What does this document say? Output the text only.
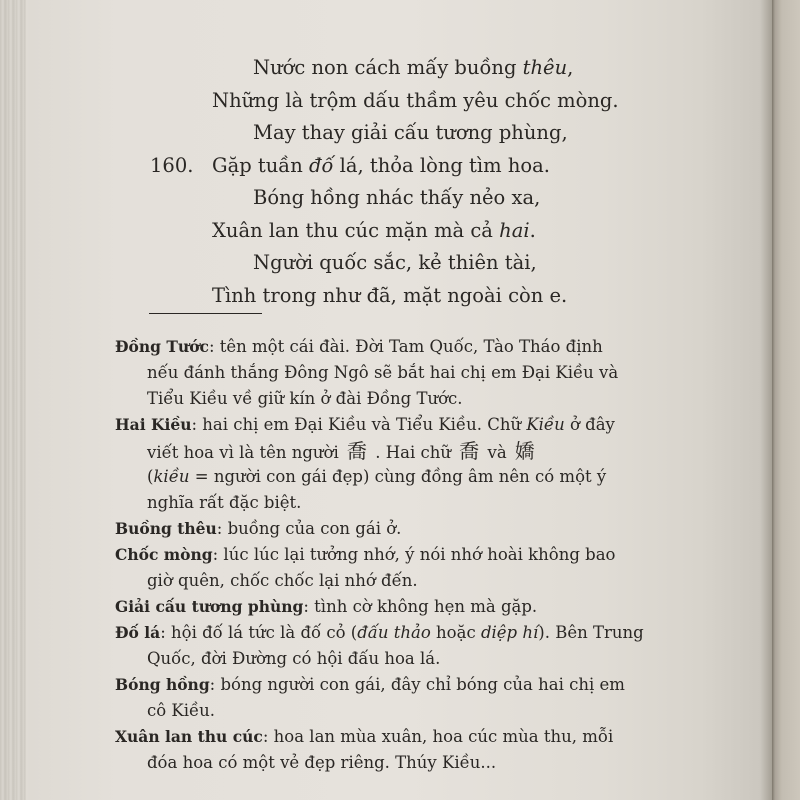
Nước non cách mấy buồng thêu,
Những là trộm dấu thầm yêu chốc mòng.
May thay giải cấu tương phùng,
160. Gặp tuần đố lá, thỏa lòng tìm hoa.
Bóng hồng nhác thấy nẻo xa,
Xuân lan thu cúc mặn mà cả hai.
Người quốc sắc, kẻ thiên tài,
Tình trong như đã, mặt ngoài còn e.
Đồng Tước: tên một cái đài. Đời Tam Quốc, Tào Tháo định
nếu đánh thắng Đông Ngô sẽ bắt hai chị em Đại Kiều và
Tiểu Kiều về giữ kín ở đài Đồng Tước.
Hai Kiều: hai chị em Đại Kiều và Tiểu Kiều. Chữ Kiều ở đây
viết hoa vì là tên người 喬 . Hai chữ 喬 và 嬌
(kiều = người con gái đẹp) cùng đồng âm nên có một ý
nghĩa rất đặc biệt.
Buồng thêu: buồng của con gái ở.
Chốc mòng: lúc lúc lại tưởng nhớ, ý nói nhớ hoài không bao
giờ quên, chốc chốc lại nhớ đến.
Giải cấu tương phùng: tình cờ không hẹn mà gặp.
Đố lá: hội đố lá tức là đố cỏ (đấu thảo hoặc diệp hí). Bên Trung
Quốc, đời Đường có hội đấu hoa lá.
Bóng hồng: bóng người con gái, đây chỉ bóng của hai chị em
cô Kiều.
Xuân lan thu cúc: hoa lan mùa xuân, hoa cúc mùa thu, mỗi
đóa hoa có một vẻ đẹp riêng. Thúy Kiều...
